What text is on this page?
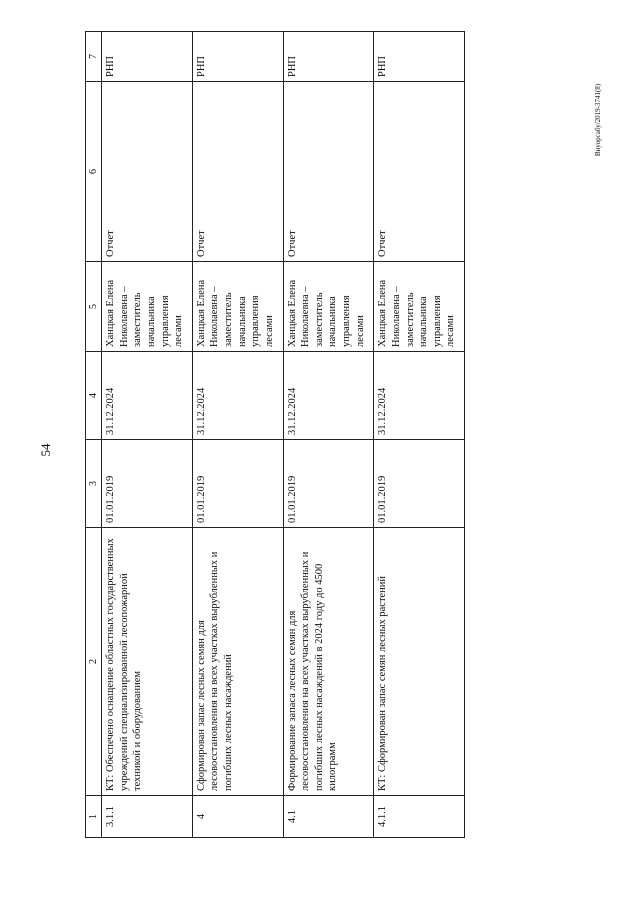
54
Внуорсабу/2019-3741(8)
1	2	3	4	5	6	7
3.1.1	КТ: Обеспечено оснащение областных государственных учреждений специализированной лесопожарной техникой и оборудованием	01.01.2019	31.12.2024	Ханцкая Елена Николаевна – заместитель начальника управления лесами	Отчет	РНП
4	Сформирован запас лесных семян для лесовосстановления на всех участках вырубленных и погибших лесных насаждений	01.01.2019	31.12.2024	Ханцкая Елена Николаевна – заместитель начальника управления лесами	Отчет	РНП
4.1	Формирование запаса лесных семян для лесовосстановления на всех участках вырубленных и погибших лесных насаждений в 2024 году до 4500 килограмм	01.01.2019	31.12.2024	Ханцкая Елена Николаевна – заместитель начальника управления лесами	Отчет	РНП
4.1.1	КТ: Сформирован запас семян лесных растений	01.01.2019	31.12.2024	Ханцкая Елена Николаевна – заместитель начальника управления лесами	Отчет	РНП
